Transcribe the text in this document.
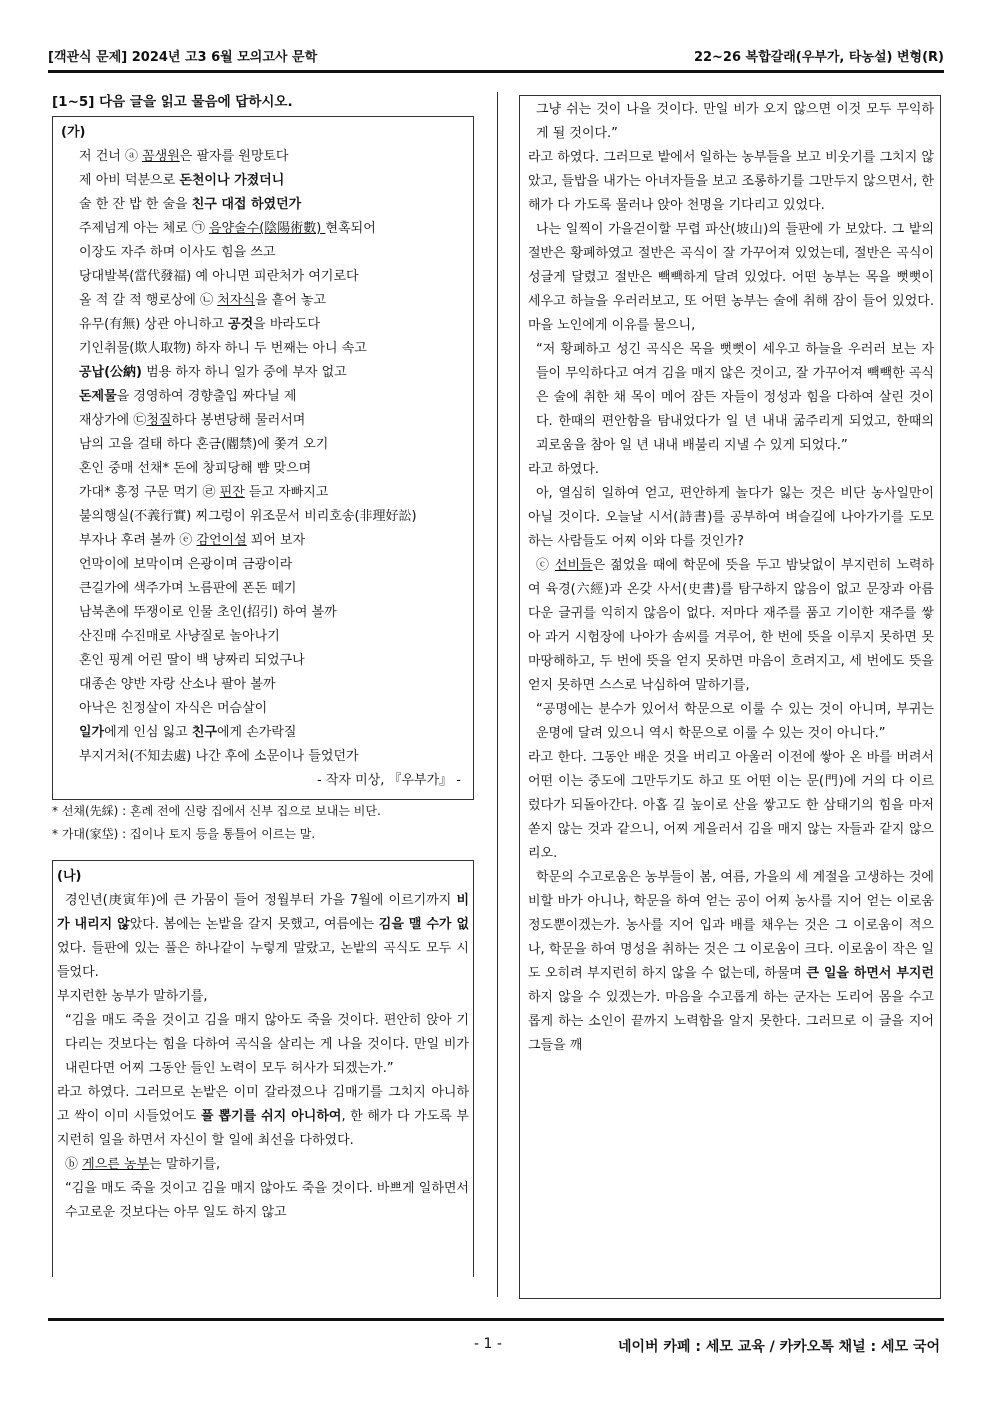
[객관식 문제] 2024년 고3 6월 모의고사 문학	22~26 복합갈래(우부가, 타농설) 변형(R)
[1~5] 다음 글을 읽고 물음에 답하시오.
(가)
저 건너 ⓐ 꼼생원은 팔자를 원망토다
제 아비 덕분으로 돈천이나 가졌더니
술 한 잔 밥 한 술을 친구 대접 하였던가
주제넘게 아는 체로 ㉠ 음양술수(陰陽術數) 현혹되어
이장도 자주 하며 이사도 힘을 쓰고
당대발복(當代發福) 예 아니면 피란처가 여기로다
올 적 갈 적 행로상에 ㉡ 처자식을 흩어 놓고
유무(有無) 상관 아니하고 공것을 바라도다
기인취물(欺人取物) 하자 하니 두 번째는 아니 속고
공납(公納) 범용 하자 하니 일가 중에 부자 없고
돈제물을 경영하여 경향출입 짜다닐 제
재상가에 ㉢청질하다 봉변당해 물러서며
남의 고을 걸태 하다 혼금(閽禁)에 쫓겨 오기
혼인 중매 선채* 돈에 창피당해 뺨 맞으며
가대* 흥정 구문 먹기 ㉣ 핀잔 듣고 자빠지고
불의행실(不義行實) 찌그렁이 위조문서 비리호송(非理好訟)
부자나 후려 볼까 ⓔ 감언이설 꾀어 보자
언막이에 보막이며 은광이며 금광이라
큰길가에 색주가며 노름판에 폰돈 떼기
남북촌에 뚜쟁이로 인물 초인(招引) 하여 볼까
산진매 수진매로 사냥질로 놀아나기
혼인 핑계 어린 딸이 백 냥짜리 되었구나
대종손 양반 자랑 산소나 팔아 볼까
아낙은 친정살이 자식은 머슴살이
일가에게 인심 잃고 친구에게 손가락질
부지거처(不知去處) 나간 후에 소문이나 들었던가
- 작자 미상, 『우부가』 -
* 선채(先綵) : 혼례 전에 신랑 집에서 신부 집으로 보내는 비단.
* 가대(家垈) : 집이나 토지 등을 통틀어 이르는 말.
(나)

경인년(庚寅年)에 큰 가뭄이 들어 정월부터 가을 7월에 이르기까지 비가 내리지 않았다. 봄에는 논밭을 갈지 못했고, 여름에는 김을 맬 수가 없었다. 들판에 있는 풀은 하나같이 누렇게 말랐고, 논밭의 곡식도 모두 시들었다.

부지런한 농부가 말하기를,

“김을 매도 죽을 것이고 김을 매지 않아도 죽을 것이다. 편안히 앉아 기다리는 것보다는 힘을 다하여 곡식을 살리는 게 나을 것이다. 만일 비가 내린다면 어찌 그동안 들인 노력이 모두 허사가 되겠는가.”

라고 하였다. 그러므로 논밭은 이미 갈라졌으나 김매기를 그치지 아니하고 싹이 이미 시들었어도 풀 뽑기를 쉬지 아니하여, 한 해가 다 가도록 부지런히 일을 하면서 자신이 할 일에 최선을 다하였다.

ⓑ 게으른 농부는 말하기를,

“김을 매도 죽을 것이고 김을 매지 않아도 죽을 것이다. 바쁘게 일하면서 수고로운 것보다는 아무 일도 하지 않고

그냥 쉬는 것이 나을 것이다. 만일 비가 오지 않으면 이것 모두 무익하게 될 것이다.”

라고 하였다. 그러므로 밭에서 일하는 농부들을 보고 비웃기를 그치지 않았고, 들밥을 내가는 아녀자들을 보고 조롱하기를 그만두지 않으면서, 한 해가 다 가도록 물러나 앉아 천명을 기다리고 있었다.

나는 일찍이 가을걷이할 무렵 파산(坡山)의 들판에 가 보았다. 그 밭의 절반은 황폐하였고 절반은 곡식이 잘 가꾸어져 있었는데, 절반은 곡식이 성글게 달렸고 절반은 빽빽하게 달려 있었다. 어떤 농부는 목을 뻣뻣이 세우고 하늘을 우러러보고, 또 어떤 농부는 술에 취해 잠이 들어 있었다. 마을 노인에게 이유를 물으니,

“저 황폐하고 성긴 곡식은 목을 뻣뻣이 세우고 하늘을 우러러 보는 자들이 무익하다고 여겨 김을 매지 않은 것이고, 잘 가꾸어져 빽빽한 곡식은 술에 취한 채 목이 메어 잠든 자들이 정성과 힘을 다하여 살린 것이다. 한때의 편안함을 탐내었다가 일 년 내내 굶주리게 되었고, 한때의 괴로움을 참아 일 년 내내 배불리 지낼 수 있게 되었다.”

라고 하였다.

아, 열심히 일하여 얻고, 편안하게 놀다가 잃는 것은 비단 농사일만이 아닐 것이다. 오늘날 시서(詩書)를 공부하여 벼슬길에 나아가기를 도모하는 사람들도 어찌 이와 다를 것인가?

ⓒ 선비들은 젊었을 때에 학문에 뜻을 두고 밤낮없이 부지런히 노력하여 육경(六經)과 온갖 사서(史書)를 탐구하지 않음이 없고 문장과 아름다운 글귀를 익히지 않음이 없다. 저마다 재주를 품고 기이한 재주를 쌓아 과거 시험장에 나아가 솜씨를 겨루어, 한 번에 뜻을 이루지 못하면 못마땅해하고, 두 번에 뜻을 얻지 못하면 마음이 흐려지고, 세 번에도 뜻을 얻지 못하면 스스로 낙심하여 말하기를,

“공명에는 분수가 있어서 학문으로 이룰 수 있는 것이 아니며, 부귀는 운명에 달려 있으니 역시 학문으로 이룰 수 있는 것이 아니다.”

라고 한다. 그동안 배운 것을 버리고 아울러 이전에 쌓아 온 바를 버려서 어떤 이는 중도에 그만두기도 하고 또 어떤 이는 문(門)에 거의 다 이르렀다가 되돌아간다. 아홉 길 높이로 산을 쌓고도 한 삼태기의 힘을 마저 쏟지 않는 것과 같으니, 어찌 게을러서 김을 매지 않는 자들과 같지 않으리오.

학문의 수고로움은 농부들이 봄, 여름, 가을의 세 계절을 고생하는 것에 비할 바가 아니나, 학문을 하여 얻는 공이 어찌 농사를 지어 얻는 이로움 정도뿐이겠는가. 농사를 지어 입과 배를 채우는 것은 그 이로움이 적으나, 학문을 하여 명성을 취하는 것은 그 이로움이 크다. 이로움이 작은 일도 오히려 부지런히 하지 않을 수 없는데, 하물며 큰 일을 하면서 부지런하지 않을 수 있겠는가. 마음을 수고롭게 하는 군자는 도리어 몸을 수고롭게 하는 소인이 끝까지 노력함을 알지 못한다. 그러므로 이 글을 지어 그들을 깨

- 1 -	네이버 카페 : 세모 교육 / 카카오톡 채널 : 세모 국어
